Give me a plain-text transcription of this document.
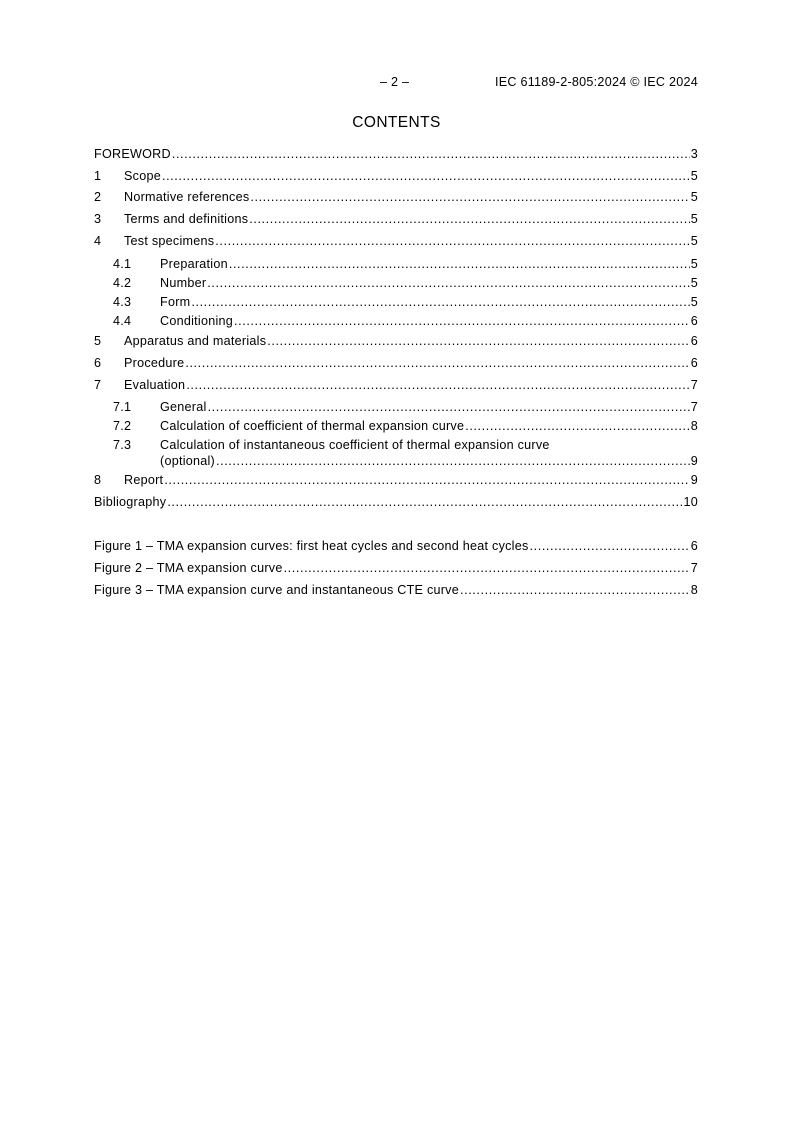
– 2 –	IEC 61189-2-805:2024 © IEC 2024
CONTENTS
FOREWORD .....	3
1 Scope .....	5
2 Normative references .....	5
3 Terms and definitions .....	5
4 Test specimens .....	5
4.1 Preparation .....	5
4.2 Number .....	5
4.3 Form .....	5
4.4 Conditioning .....	6
5 Apparatus and materials .....	6
6 Procedure .....	6
7 Evaluation .....	7
7.1 General .....	7
7.2 Calculation of coefficient of thermal expansion curve .....	8
7.3 Calculation of instantaneous coefficient of thermal expansion curve
(optional) .....	9
8 Report .....	9
Bibliography .....	10
Figure 1 – TMA expansion curves: first heat cycles and second heat cycles .....	6
Figure 2 – TMA expansion curve .....	7
Figure 3 – TMA expansion curve and instantaneous CTE curve .....	8
